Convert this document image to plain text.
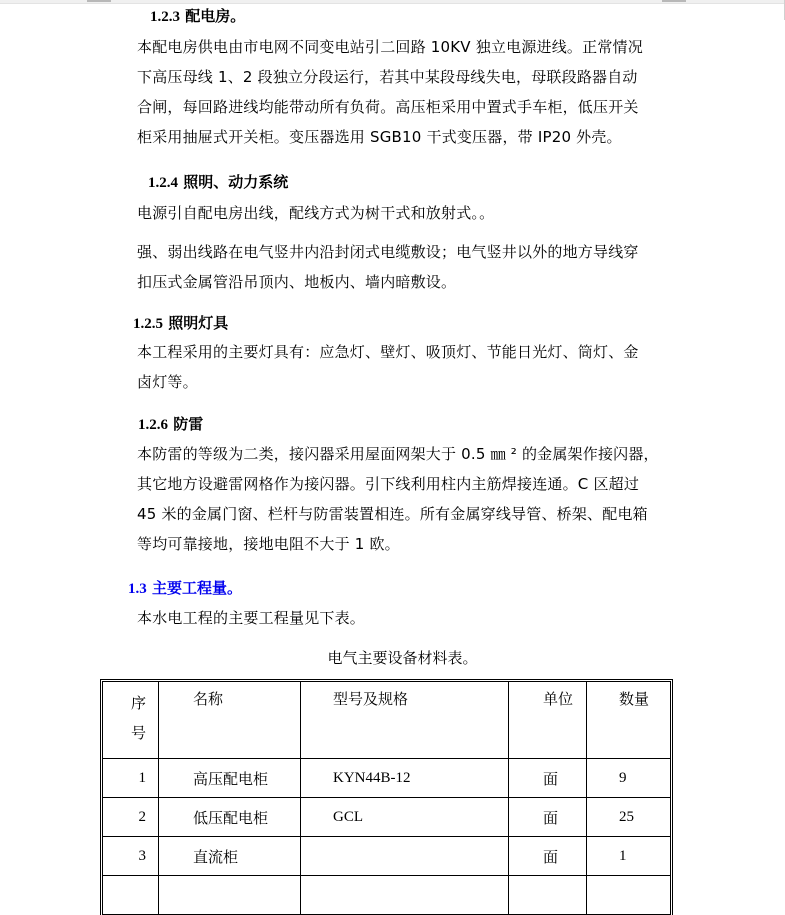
1.2.3 配电房。
本配电房供电由市电网不同变电站引二回路 10KV 独立电源进线。正常情况
下高压母线 1、2 段独立分段运行，若其中某段母线失电，母联段路器自动
合闸，每回路进线均能带动所有负荷。高压柜采用中置式手车柜，低压开关
柜采用抽屉式开关柜。变压器选用 SGB10 干式变压器，带 IP20 外壳。
1.2.4 照明、动力系统
电源引自配电房出线，配线方式为树干式和放射式。。
强、弱出线路在电气竖井内沿封闭式电缆敷设；电气竖井以外的地方导线穿
扣压式金属管沿吊顶内、地板内、墙内暗敷设。
1.2.5 照明灯具
本工程采用的主要灯具有：应急灯、壁灯、吸顶灯、节能日光灯、筒灯、金
卤灯等。
1.2.6 防雷
本防雷的等级为二类，接闪器采用屋面网架大于 0.5 ㎜ ² 的金属架作接闪器，
其它地方设避雷网格作为接闪器。引下线利用柱内主筋焊接连通。C 区超过
45 米的金属门窗、栏杆与防雷装置相连。所有金属穿线导管、桥架、配电箱
等均可靠接地，接地电阻不大于 1 欧。
1.3 主要工程量。
本水电工程的主要工程量见下表。
电气主要设备材料表。
序
号	名称	型号及规格	单位	数量
1	高压配电柜	KYN44B-12	面	9
2	低压配电柜	GCL	面	25
3	直流柜		面	1
